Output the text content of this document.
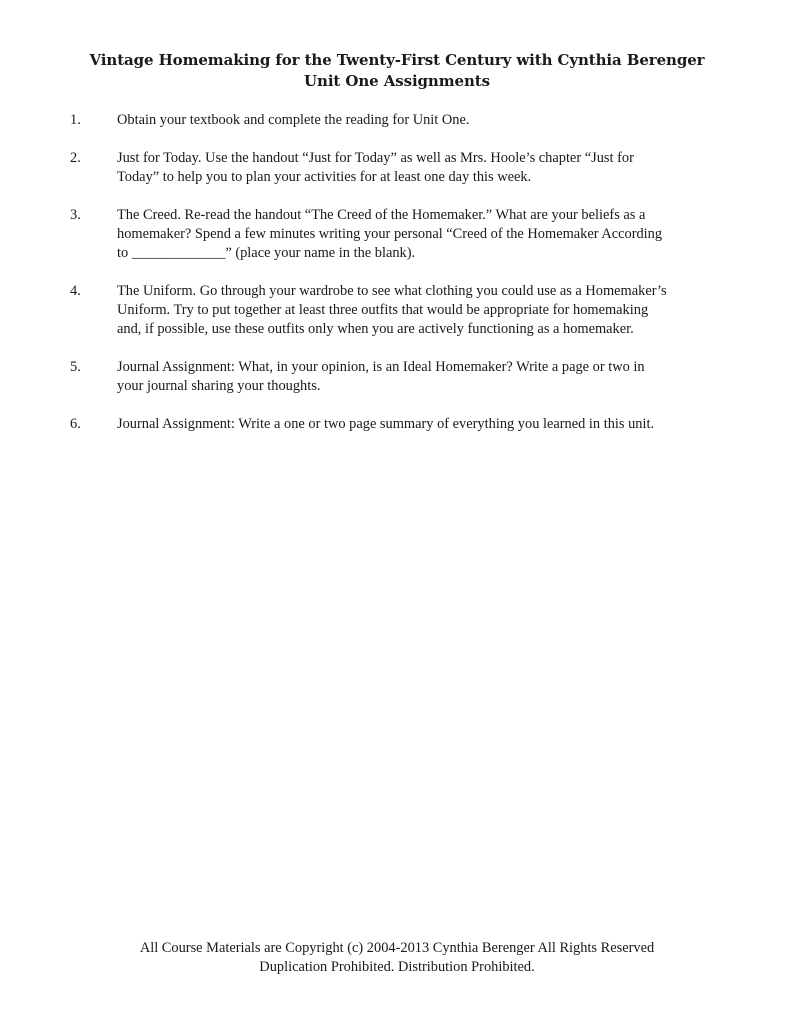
Vintage Homemaking for the Twenty-First Century with Cynthia Berenger
Unit One Assignments
1.	Obtain your textbook and complete the reading for Unit One.
2.	Just for Today. Use the handout “Just for Today” as well as Mrs. Hoole’s chapter “Just for
Today” to help you to plan your activities for at least one day this week.
3.	The Creed. Re-read the handout “The Creed of the Homemaker.” What are your beliefs as a
homemaker? Spend a few minutes writing your personal “Creed of the Homemaker According
to _____________” (place your name in the blank).
4.	The Uniform. Go through your wardrobe to see what clothing you could use as a Homemaker’s
Uniform. Try to put together at least three outfits that would be appropriate for homemaking
and, if possible, use these outfits only when you are actively functioning as a homemaker.
5.	Journal Assignment: What, in your opinion, is an Ideal Homemaker? Write a page or two in
your journal sharing your thoughts.
6.	Journal Assignment: Write a one or two page summary of everything you learned in this unit.
All Course Materials are Copyright (c) 2004-2013 Cynthia Berenger All Rights Reserved
Duplication Prohibited. Distribution Prohibited.
